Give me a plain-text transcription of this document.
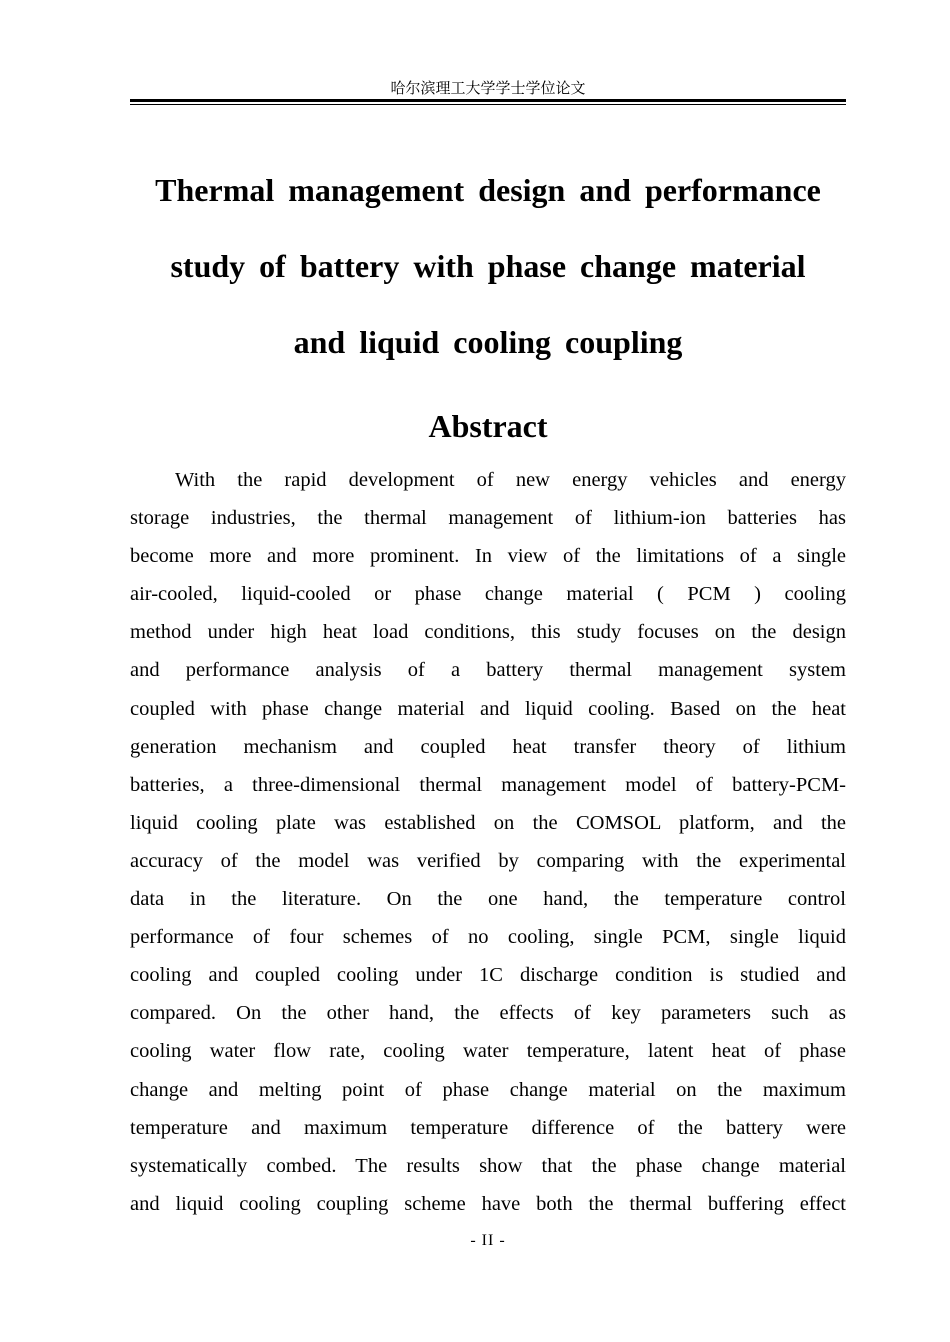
哈尔滨理工大学学士学位论文
Thermal management design and performance
study of battery with phase change material
and liquid cooling coupling
Abstract
With the rapid development of new energy vehicles and energy
storage industries, the thermal management of lithium-ion batteries has
become more and more prominent. In view of the limitations of a single
air-cooled, liquid-cooled or phase change material ( PCM ) cooling
method under high heat load conditions, this study focuses on the design
and performance analysis of a battery thermal management system
coupled with phase change material and liquid cooling. Based on the heat
generation mechanism and coupled heat transfer theory of lithium
batteries, a three-dimensional thermal management model of battery-PCM-
liquid cooling plate was established on the COMSOL platform, and the
accuracy of the model was verified by comparing with the experimental
data in the literature. On the one hand, the temperature control
performance of four schemes of no cooling, single PCM, single liquid
cooling and coupled cooling under 1C discharge condition is studied and
compared. On the other hand, the effects of key parameters such as
cooling water flow rate, cooling water temperature, latent heat of phase
change and melting point of phase change material on the maximum
temperature and maximum temperature difference of the battery were
systematically combed. The results show that the phase change material
and liquid cooling coupling scheme have both the thermal buffering effect
- II -
